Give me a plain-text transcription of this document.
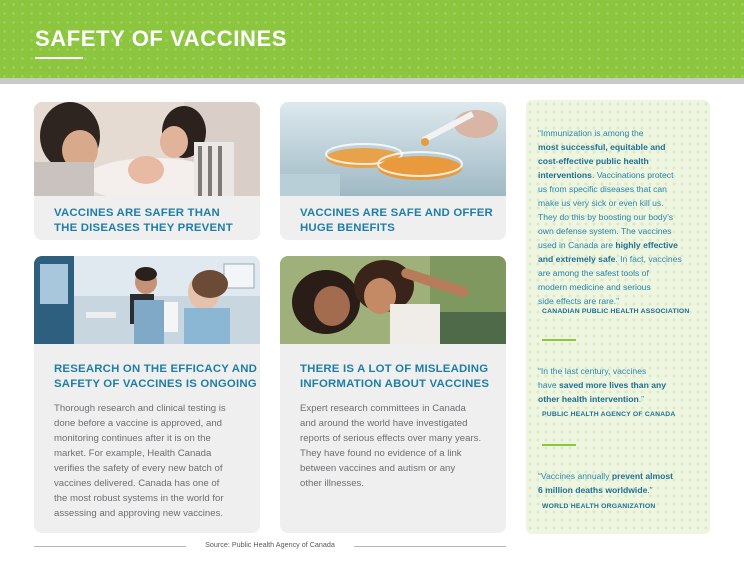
SAFETY OF VACCINES
VACCINES ARE SAFER THAN
THE DISEASES THEY PREVENT
VACCINES ARE SAFE AND OFFER
HUGE BENEFITS
RESEARCH ON THE EFFICACY AND
SAFETY OF VACCINES IS ONGOING
Thorough research and clinical testing is
done before a vaccine is approved, and
monitoring continues after it is on the
market. For example, Health Canada
verifies the safety of every new batch of
vaccines delivered. Canada has one of
the most robust systems in the world for
assessing and approving new vaccines.
THERE IS A LOT OF MISLEADING
INFORMATION ABOUT VACCINES
Expert research committees in Canada
and around the world have investigated
reports of serious effects over many years.
They have found no evidence of a link
between vaccines and autism or any
other illnesses.
Source: Public Health Agency of Canada
“Immunization is among the
most successful, equitable and
cost-effective public health
interventions. Vaccinations protect
us from specific diseases that can
make us very sick or even kill us.
They do this by boosting our body’s
own defense system. The vaccines
used in Canada are highly effective
and extremely safe. In fact, vaccines
are among the safest tools of
modern medicine and serious
side effects are rare.”
CANADIAN PUBLIC HEALTH ASSOCIATION
“In the last century, vaccines
have saved more lives than any
other health intervention.”
PUBLIC HEALTH AGENCY OF CANADA
“Vaccines annually prevent almost
6 million deaths worldwide.”
WORLD HEALTH ORGANIZATION
